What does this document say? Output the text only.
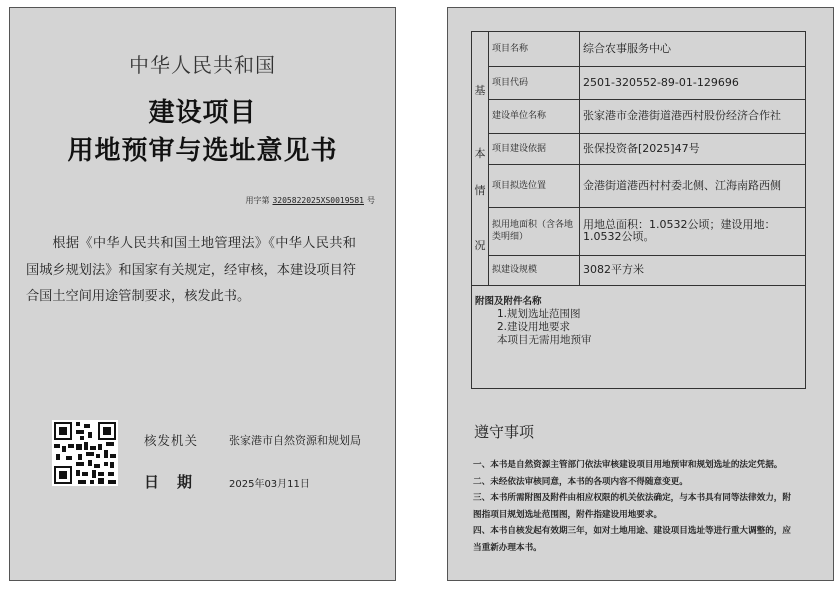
中华人民共和国
建设项目
用地预审与选址意见书
用字第 3205822025XS0019581 号
根据《中华人民共和国土地管理法》《中华人民共和国城乡规划法》和国家有关规定，经审核，本建设项目符合国土空间用途管制要求，核发此书。
核发机关	张家港市自然资源和规划局
日期 2025年03月11日
基
本
情
况	项目名称	综合农事服务中心
	项目代码	2501-320552-89-01-129696
	建设单位名称	张家港市金港街道港西村股份经济合作社
	项目建设依据	张保投资备[2025]47号
	项目拟选位置	金港街道港西村村委北侧、江海南路西侧
	拟用地面积（含各地类明细）	用地总面积：1.0532公顷；建设用地：1.0532公顷。
	拟建设规模	3082平方米
附图及附件名称
1.规划选址范围图
2.建设用地要求
本项目无需用地预审
遵守事项
一、本书是自然资源主管部门依法审核建设项目用地预审和规划选址的法定凭据。
二、未经依法审核同意，本书的各项内容不得随意变更。
三、本书所需附图及附件由相应权限的机关依法确定，与本书具有同等法律效力，附图指项目规划选址范围图，附件指建设用地要求。
四、本书自核发起有效期三年，如对土地用途、建设项目选址等进行重大调整的，应当重新办理本书。
